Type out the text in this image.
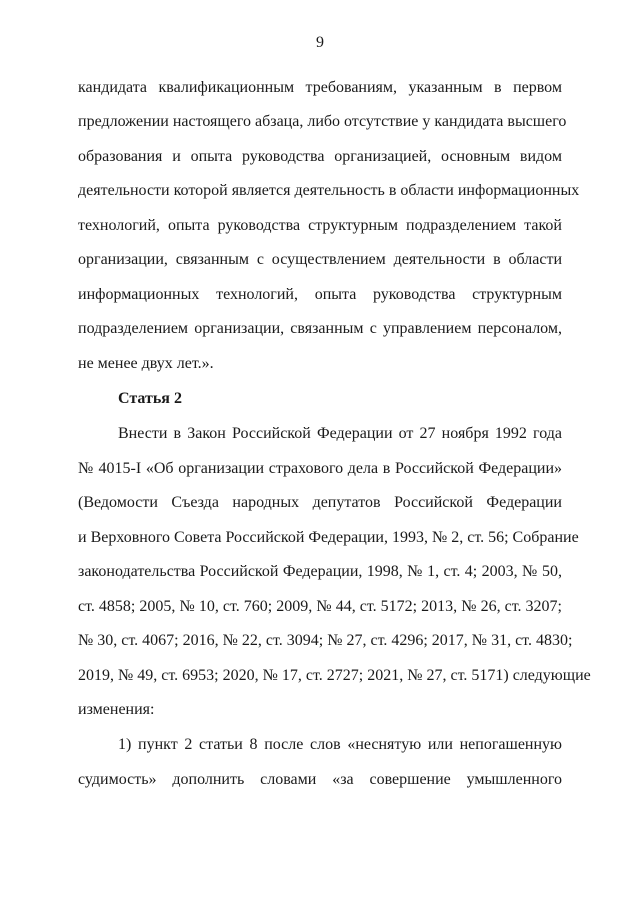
9
кандидата квалификационным требованиям, указанным в первом
предложении настоящего абзаца, либо отсутствие у кандидата высшего
образования и опыта руководства организацией, основным видом
деятельности которой является деятельность в области информационных
технологий, опыта руководства структурным подразделением такой
организации, связанным с осуществлением деятельности в области
информационных технологий, опыта руководства структурным
подразделением организации, связанным с управлением персоналом,
не менее двух лет.».
Статья 2
Внести в Закон Российской Федерации от 27 ноября 1992 года
№ 4015-I «Об организации страхового дела в Российской Федерации»
(Ведомости Съезда народных депутатов Российской Федерации
и Верховного Совета Российской Федерации, 1993, № 2, ст. 56; Собрание
законодательства Российской Федерации, 1998, № 1, ст. 4; 2003, № 50,
ст. 4858; 2005, № 10, ст. 760; 2009, № 44, ст. 5172; 2013, № 26, ст. 3207;
№ 30, ст. 4067; 2016, № 22, ст. 3094; № 27, ст. 4296; 2017, № 31, ст. 4830;
2019, № 49, ст. 6953; 2020, № 17, ст. 2727; 2021, № 27, ст. 5171) следующие
изменения:
1) пункт 2 статьи 8 после слов «неснятую или непогашенную
судимость» дополнить словами «за совершение умышленного
